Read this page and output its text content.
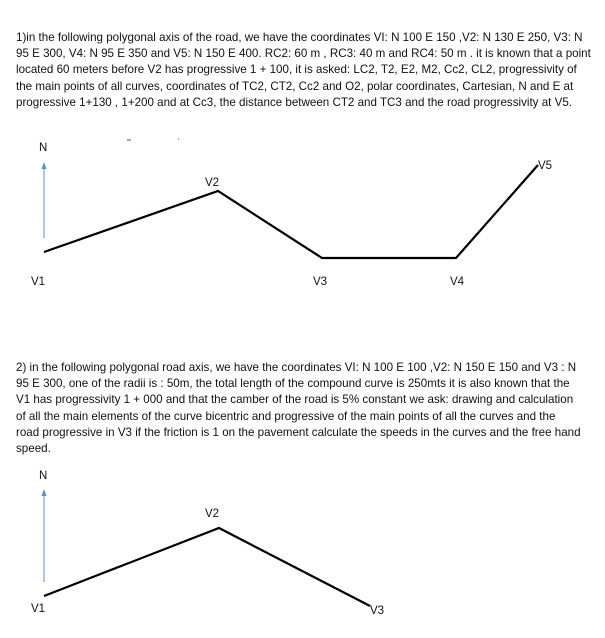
1)in the following polygonal axis of the road, we have the coordinates VI: N 100 E 150 ,V2: N 130 E 250, V3: N 95 E 300, V4: N 95 E 350 and V5: N 150 E 400. RC2: 60 m , RC3: 40 m and RC4: 50 m . it is known that a point located 60 meters before V2 has progressive 1 + 100, it is asked: LC2, T2, E2, M2, Cc2, CL2, progressivity of the main points of all curves, coordinates of TC2, CT2, Cc2 and O2, polar coordinates, Cartesian, N and E at progressive 1+130 , 1+200 and at Cc3, the distance between CT2 and TC3 and the road progressivity at V5.

N
V1
V2
V3	V4
V5
N
V1
V2
V3

2) in the following polygonal road axis, we have the coordinates VI: N 100 E 100 ,V2: N 150 E 150 and V3 : N 95 E 300, one of the radii is : 50m, the total length of the compound curve is 250mts it is also known that the V1 has progressivity 1 + 000 and that the camber of the road is 5% constant we ask: drawing and calculation of all the main elements of the curve bicentric and progressive of the main points of all the curves and the road progressive in V3 if the friction is 1 on the pavement calculate the speeds in the curves and the free hand speed.
